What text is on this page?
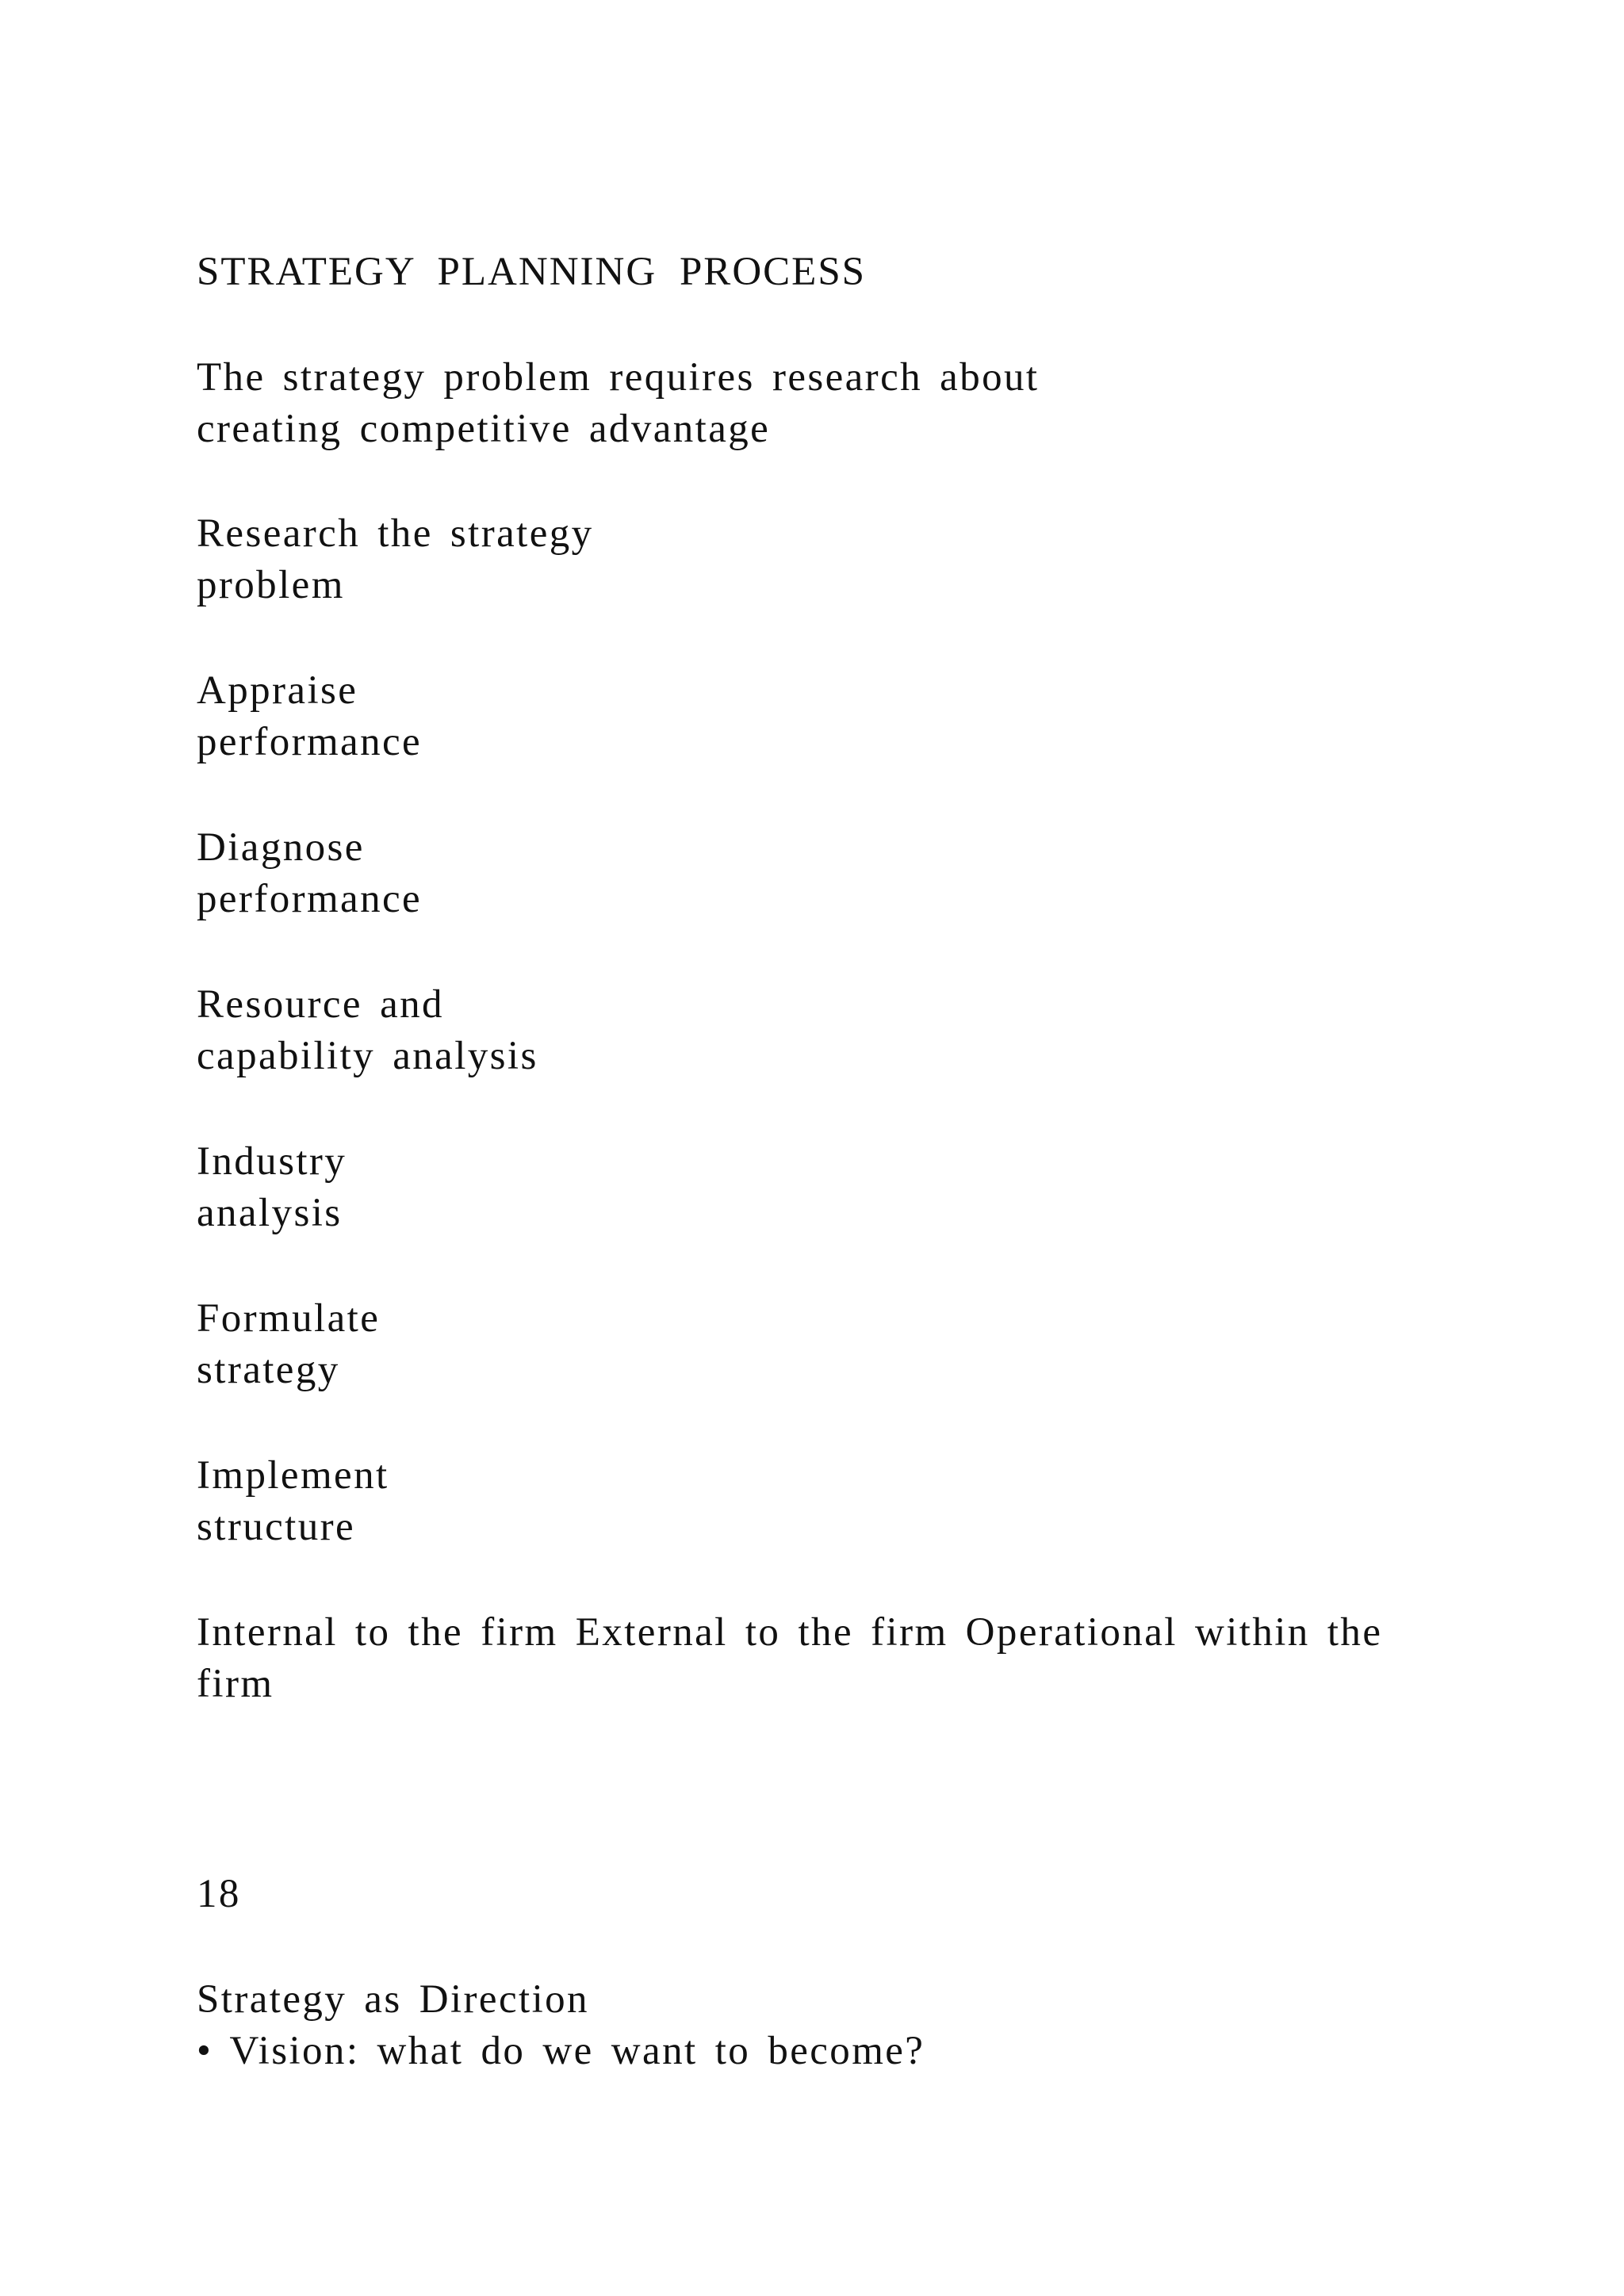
STRATEGY PLANNING PROCESS

The strategy problem requires research about

creating competitive advantage

Research the strategy

problem

Appraise

performance

Diagnose

performance

Resource and

capability analysis

Industry

analysis

Formulate

strategy

Implement

structure

Internal to the firm External to the firm Operational within the

firm

18

Strategy as Direction

• Vision: what do we want to become?
